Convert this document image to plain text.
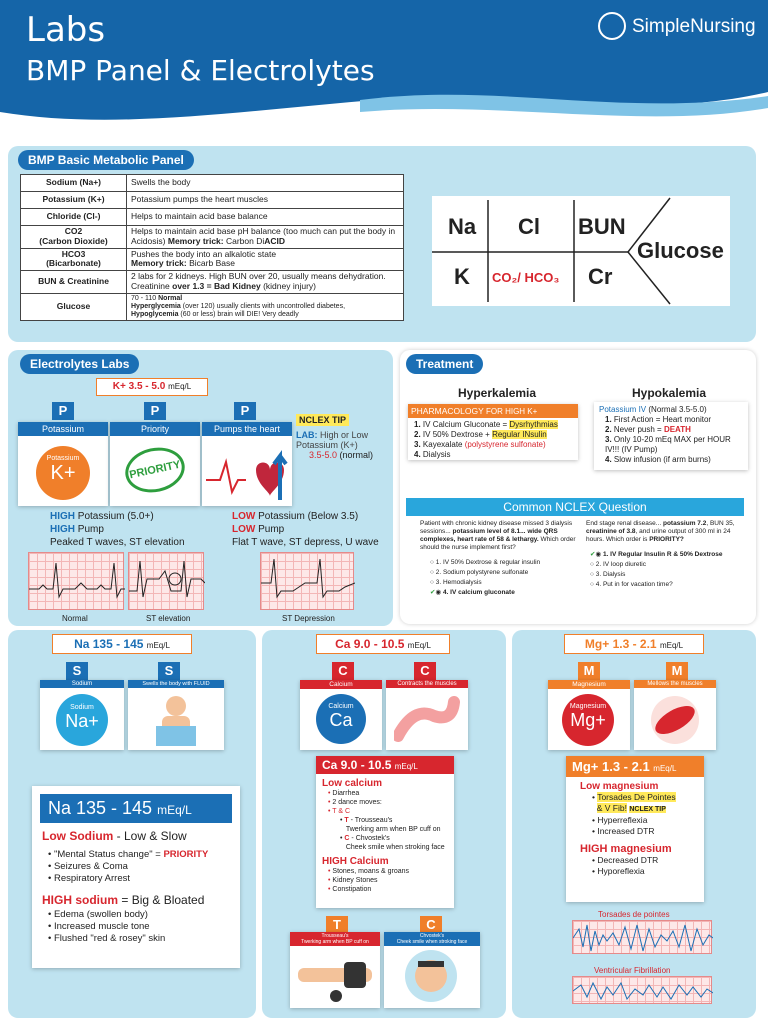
Labs
BMP Panel & Electrolytes
SimpleNursing
BMP Basic Metabolic Panel
Sodium (Na+)	Swells the body
Potassium (K+)	Potassium pumps the heart muscles
Chloride (Cl-)	Helps to maintain acid base balance
CO2
(Carbon Dioxide)	Helps to maintain acid base pH balance (too much can put the body in Acidosis) Memory trick: Carbon DiACID
HCO3
(Bicarbonate)	Pushes the body into an alkalotic state
Memory trick: Bicarb Base
BUN & Creatinine	2 labs for 2 kidneys. High BUN over 20, usually means dehydration. Creatinine over 1.3 = Bad Kidney (kidney injury)
Glucose	70 - 110 Normal
Hyperglycemia (over 120) usually clients with uncontrolled diabetes,
Hypoglycemia (60 or less) brain will DIE! Very deadly
Na Cl BUN
K CO₂/ HCO₃ Cr
Glucose
Electrolytes Labs
K+ 3.5 - 5.0 mEq/L
P	P	P
Potassium
Potassium
K+
Priority
PRIORITY
Pumps the heart
NCLEX TIP
LAB: High or Low Potassium (K+)
3.5-5.0 (normal)
HIGH Potassium (5.0+)
HIGH Pump
Peaked T waves, ST elevation
LOW Potassium (Below 3.5)
LOW Pump
Flat T wave, ST depress, U wave
Normal	ST elevation	ST Depression
Treatment
Hyperkalemia	Hypokalemia
PHARMACOLOGY FOR HIGH K+
1. IV Calcium Gluconate = Dysrhythmias
2. IV 50% Dextrose + Regular INsulin
3. Kayexalate (polystyrene sulfonate)
4. Dialysis
Potassium IV (Normal 3.5-5.0)
1. First Action = Heart monitor
2. Never push = DEATH
3. Only 10-20 mEq MAX per HOUR IV!!! (IV Pump)
4. Slow infusion (if arm burns)
Common NCLEX Question
Patient with chronic kidney disease missed 3 dialysis sessions... potassium level of 8.1... wide QRS complexes, heart rate of 58 & lethargy. Which order should the nurse implement first?
○ 1. IV 50% Dextrose & regular insulin
○ 2. Sodium polystyrene sulfonate
○ 3. Hemodialysis
✔◉ 4. IV calcium gluconate
End stage renal disease... potassium 7.2, BUN 35, creatinine of 3.8, and urine output of 300 ml in 24 hours. Which order is PRIORITY?
✔◉ 1. IV Regular Insulin R & 50% Dextrose
○ 2. IV loop diuretic
○ 3. Dialysis
○ 4. Put in for vacation time?
Na 135 - 145 mEq/L
S	S
Sodium
Sodium
Na+
Swells the body with FLUID
Na 135 - 145 mEq/L
Low Sodium - Low & Slow
• "Mental Status change" = PRIORITY
• Seizures & Coma
• Respiratory Arrest
HIGH sodium = Big & Bloated
• Edema (swollen body)
• Increased muscle tone
• Flushed "red & rosey" skin
Ca 9.0 - 10.5 mEq/L
C	C
Calcium
Calcium
Ca
Contracts the muscles
Ca 9.0 - 10.5 mEq/L
Low calcium
• Diarrhea
• 2 dance moves:
• T & C
• T - Trousseau's
Twerking arm when BP cuff on
• C - Chvostek's
Cheek smile when stroking face
HIGH Calcium
• Stones, moans & groans
• Kidney Stones
• Constipation
T	C
Trousseau's
Twerking arm when BP cuff on
Chvostek's
Cheek smile when stroking face
Mg+ 1.3 - 2.1 mEq/L
M	M
Magnesium
Magnesium
Mg+
Mellows the muscles
Mg+ 1.3 - 2.1 mEq/L
Low magnesium
• Torsades De Pointes
& V Fib! NCLEX TIP
• Hyperreflexia
• Increased DTR
HIGH magnesium
• Decreased DTR
• Hyporeflexia
Torsades de pointes
Ventricular Fibrillation
